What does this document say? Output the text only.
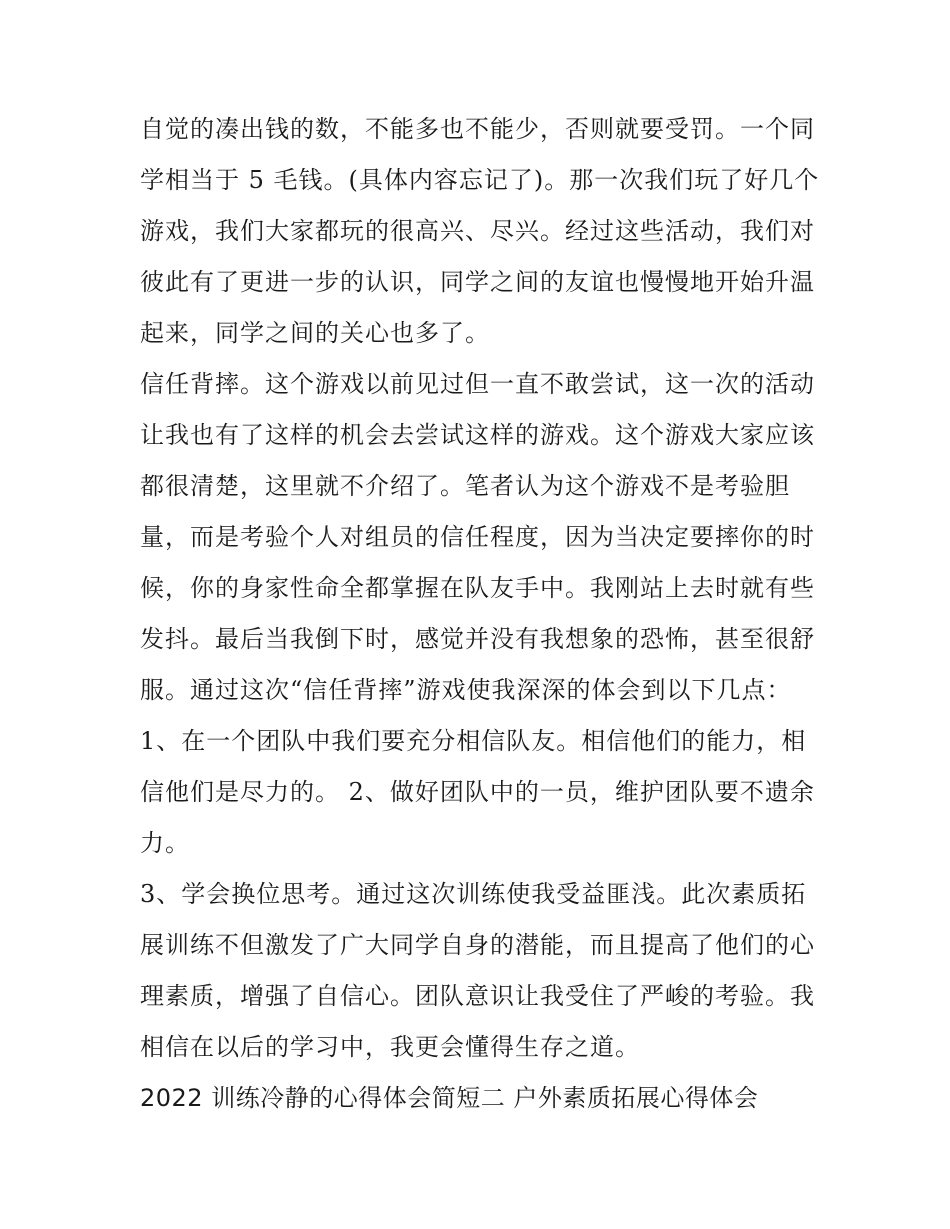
自觉的凑出钱的数，不能多也不能少，否则就要受罚。一个同
学相当于 5 毛钱。(具体内容忘记了)。那一次我们玩了好几个
游戏，我们大家都玩的很高兴、尽兴。经过这些活动，我们对
彼此有了更进一步的认识，同学之间的友谊也慢慢地开始升温
起来，同学之间的关心也多了。
信任背摔。这个游戏以前见过但一直不敢尝试，这一次的活动
让我也有了这样的机会去尝试这样的游戏。这个游戏大家应该
都很清楚，这里就不介绍了。笔者认为这个游戏不是考验胆
量，而是考验个人对组员的信任程度，因为当决定要摔你的时
候，你的身家性命全都掌握在队友手中。我刚站上去时就有些
发抖。最后当我倒下时，感觉并没有我想象的恐怖，甚至很舒
服。通过这次“信任背摔”游戏使我深深的体会到以下几点：
1、在一个团队中我们要充分相信队友。相信他们的能力，相
信他们是尽力的。 2、做好团队中的一员，维护团队要不遗余
力。
3、学会换位思考。通过这次训练使我受益匪浅。此次素质拓
展训练不但激发了广大同学自身的潜能，而且提高了他们的心
理素质，增强了自信心。团队意识让我受住了严峻的考验。我
相信在以后的学习中，我更会懂得生存之道。
2022 训练冷静的心得体会简短二 户外素质拓展心得体会
